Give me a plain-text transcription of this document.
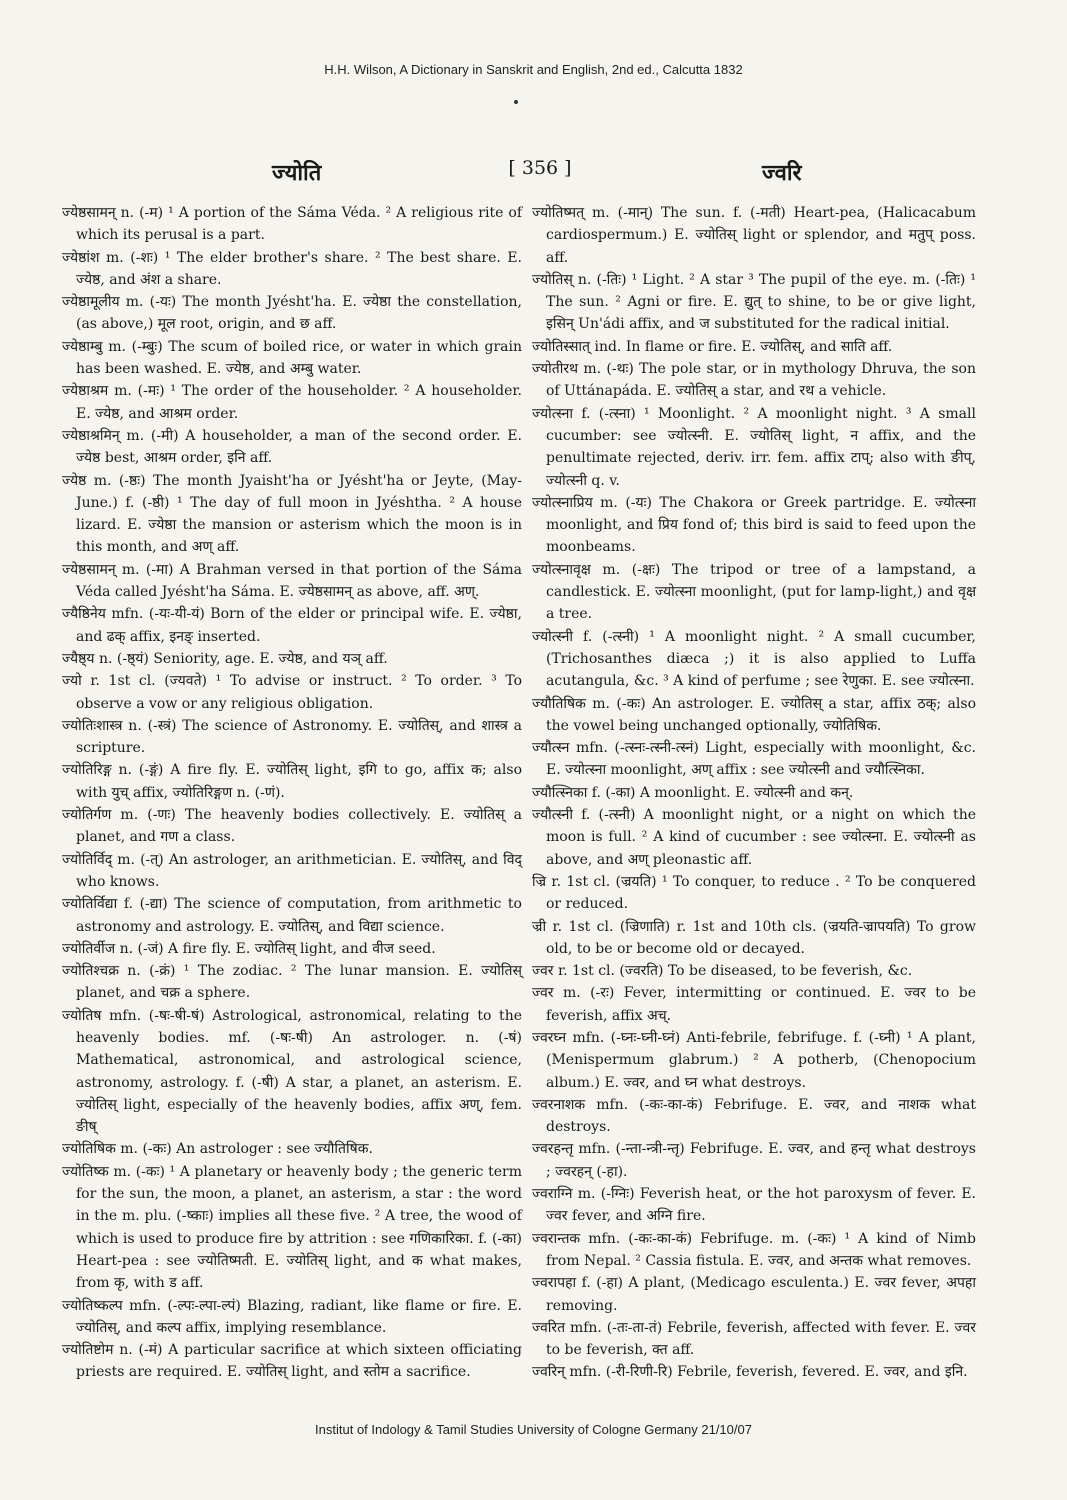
H.H. Wilson, A Dictionary in Sanskrit and English, 2nd ed., Calcutta 1832
ज्योति	[ 356 ]	ज्वरि

ज्येष्ठसामन् n. (-म) ¹ A portion of the Sáma Véda. ² A religious rite of which its perusal is a part.

ज्येष्ठांश m. (-शः) ¹ The elder brother's share. ² The best share. E. ज्येष्ठ, and अंश a share.

ज्येष्ठामूलीय m. (-यः) The month Jyésht'ha. E. ज्येष्ठा the constellation, (as above,) मूल root, origin, and छ aff.

ज्येष्ठाम्बु m. (-म्बुः) The scum of boiled rice, or water in which grain has been washed. E. ज्येष्ठ, and अम्बु water.

ज्येष्ठाश्रम m. (-मः) ¹ The order of the householder. ² A householder. E. ज्येष्ठ, and आश्रम order.

ज्येष्ठाश्रमिन् m. (-मी) A householder, a man of the second order. E. ज्येष्ठ best, आश्रम order, इनि aff.

ज्येष्ठ m. (-ष्ठः) The month Jyaisht'ha or Jyésht'ha or Jeyte, (May-June.) f. (-ष्ठी) ¹ The day of full moon in Jyéshtha. ² A house lizard. E. ज्येष्ठा the mansion or asterism which the moon is in this month, and अण् aff.

ज्येष्ठसामन् m. (-मा) A Brahman versed in that portion of the Sáma Véda called Jyésht'ha Sáma. E. ज्येष्ठसामन् as above, aff. अण्.

ज्यैष्ठिनेय mfn. (-यः-यी-यं) Born of the elder or principal wife. E. ज्येष्ठा, and ढक् affix, इनङ् inserted.

ज्यैष्ठ्य n. (-ष्ठ्यं) Seniority, age. E. ज्येष्ठ, and यञ् aff.

ज्यो r. 1st cl. (ज्यवते) ¹ To advise or instruct. ² To order. ³ To observe a vow or any religious obligation.

ज्योतिःशास्त्र n. (-स्त्रं) The science of Astronomy. E. ज्योतिस्, and शास्त्र a scripture.

ज्योतिरिङ्ग n. (-ङ्गं) A fire fly. E. ज्योतिस् light, इगि to go, affix क; also with युच् affix, ज्योतिरिङ्गण n. (-णं).

ज्योतिर्गण m. (-णः) The heavenly bodies collectively. E. ज्योतिस् a planet, and गण a class.

ज्योतिर्विद् m. (-त्) An astrologer, an arithmetician. E. ज्योतिस्, and विद् who knows.

ज्योतिर्विद्या f. (-द्या) The science of computation, from arithmetic to astronomy and astrology. E. ज्योतिस्, and विद्या science.

ज्योतिर्वीज n. (-जं) A fire fly. E. ज्योतिस् light, and वीज seed.

ज्योतिश्चक्र n. (-क्रं) ¹ The zodiac. ² The lunar mansion. E. ज्योतिस् planet, and चक्र a sphere.

ज्योतिष mfn. (-षः-षी-षं) Astrological, astronomical, relating to the heavenly bodies. mf. (-षः-षी) An astrologer. n. (-षं) Mathematical, astronomical, and astrological science, astronomy, astrology. f. (-षी) A star, a planet, an asterism. E. ज्योतिस् light, especially of the heavenly bodies, affix अण्, fem. ङीष्

ज्योतिषिक m. (-कः) An astrologer : see ज्यौतिषिक.

ज्योतिष्क m. (-कः) ¹ A planetary or heavenly body ; the generic term for the sun, the moon, a planet, an asterism, a star : the word in the m. plu. (-ष्काः) implies all these five. ² A tree, the wood of which is used to produce fire by attrition : see गणिकारिका. f. (-का) Heart-pea : see ज्योतिष्मती. E. ज्योतिस् light, and क what makes, from कृ, with ड aff.

ज्योतिष्कल्प mfn. (-ल्पः-ल्पा-ल्पं) Blazing, radiant, like flame or fire. E. ज्योतिस्, and कल्प affix, implying resemblance.

ज्योतिष्टोम n. (-मं) A particular sacrifice at which sixteen officiating priests are required. E. ज्योतिस् light, and स्तोम a sacrifice.

ज्योतिष्मत् m. (-मान्) The sun. f. (-मती) Heart-pea, (Halicacabum cardiospermum.) E. ज्योतिस् light or splendor, and मतुप् poss. aff.

ज्योतिस् n. (-तिः) ¹ Light. ² A star ³ The pupil of the eye. m. (-तिः) ¹ The sun. ² Agni or fire. E. द्युत् to shine, to be or give light, इसिन् Un'ádi affix, and ज substituted for the radical initial.

ज्योतिस्सात् ind. In flame or fire. E. ज्योतिस्, and साति aff.

ज्योतीरथ m. (-थः) The pole star, or in mythology Dhruva, the son of Uttánapáda. E. ज्योतिस् a star, and रथ a vehicle.

ज्योत्स्ना f. (-त्स्ना) ¹ Moonlight. ² A moonlight night. ³ A small cucumber: see ज्योत्स्नी. E. ज्योतिस् light, न affix, and the penultimate rejected, deriv. irr. fem. affix टाप्; also with ङीप्, ज्योत्स्नी q. v.

ज्योत्स्नाप्रिय m. (-यः) The Chakora or Greek partridge. E. ज्योत्स्ना moonlight, and प्रिय fond of; this bird is said to feed upon the moonbeams.

ज्योत्स्नावृक्ष m. (-क्षः) The tripod or tree of a lampstand, a candlestick. E. ज्योत्स्ना moonlight, (put for lamp-light,) and वृक्ष a tree.

ज्योत्स्नी f. (-त्स्नी) ¹ A moonlight night. ² A small cucumber, (Trichosanthes diæca ;) it is also applied to Luffa acutangula, &c. ³ A kind of perfume ; see रेणुका. E. see ज्योत्स्ना.

ज्यौतिषिक m. (-कः) An astrologer. E. ज्योतिस् a star, affix ठक्; also the vowel being unchanged optionally, ज्योतिषिक.

ज्यौत्स्न mfn. (-त्स्नः-त्स्नी-त्स्नं) Light, especially with moonlight, &c. E. ज्योत्स्ना moonlight, अण् affix : see ज्योत्स्नी and ज्यौत्स्निका.

ज्यौत्स्निका f. (-का) A moonlight. E. ज्योत्स्नी and कन्.

ज्यौत्स्नी f. (-त्स्नी) A moonlight night, or a night on which the moon is full. ² A kind of cucumber : see ज्योत्स्ना. E. ज्योत्स्नी as above, and अण् pleonastic aff.

ज्रि r. 1st cl. (ज्रयति) ¹ To conquer, to reduce . ² To be conquered or reduced.

ज्री r. 1st cl. (ज्रिणाति) r. 1st and 10th cls. (ज्रयति-ज्रापयति) To grow old, to be or become old or decayed.

ज्वर r. 1st cl. (ज्वरति) To be diseased, to be feverish, &c.

ज्वर m. (-रः) Fever, intermitting or continued. E. ज्वर to be feverish, affix अच्.

ज्वरघ्न mfn. (-घ्नः-घ्नी-घ्नं) Anti-febrile, febrifuge. f. (-घ्नी) ¹ A plant, (Menispermum glabrum.) ² A potherb, (Chenopocium album.) E. ज्वर, and घ्न what destroys.

ज्वरनाशक mfn. (-कः-का-कं) Febrifuge. E. ज्वर, and नाशक what destroys.

ज्वरहन्तृ mfn. (-न्ता-न्त्री-न्तृ) Febrifuge. E. ज्वर, and हन्तृ what destroys ; ज्वरहन् (-हा).

ज्वराग्नि m. (-ग्निः) Feverish heat, or the hot paroxysm of fever. E. ज्वर fever, and अग्नि fire.

ज्वरान्तक mfn. (-कः-का-कं) Febrifuge. m. (-कः) ¹ A kind of Nimb from Nepal. ² Cassia fistula. E. ज्वर, and अन्तक what removes.

ज्वरापहा f. (-हा) A plant, (Medicago esculenta.) E. ज्वर fever, अपहा removing.

ज्वरित mfn. (-तः-ता-तं) Febrile, feverish, affected with fever. E. ज्वर to be feverish, क्त aff.

ज्वरिन् mfn. (-री-रिणी-रि) Febrile, feverish, fevered. E. ज्वर, and इनि.

Institut of Indology & Tamil Studies University of Cologne Germany 21/10/07
